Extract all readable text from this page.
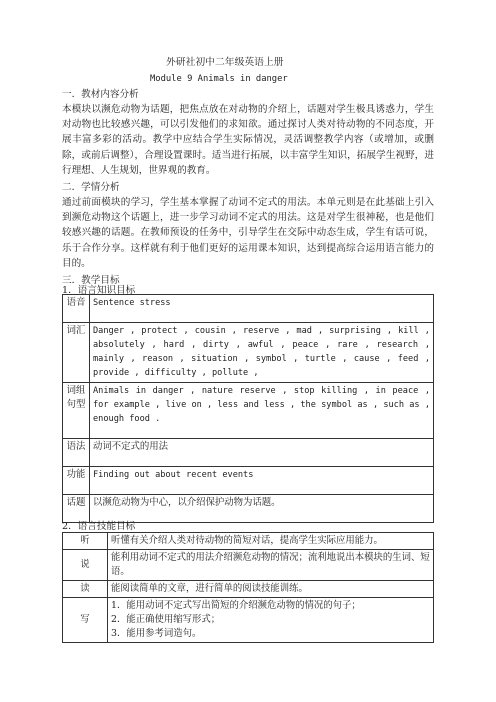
外研社初中二年级英语上册
Module 9 Animals in danger
一．教材内容分析
本模块以濒危动物为话题，把焦点放在对动物的介绍上，话题对学生极具诱惑力，学生对动物也比较感兴趣，可以引发他们的求知欲。通过探讨人类对待动物的不同态度，开展丰富多彩的活动。教学中应结合学生实际情况，灵活调整教学内容（或增加，或删除，或前后调整），合理设置课时。适当进行拓展，以丰富学生知识，拓展学生视野，进行理想、人生规划，世界观的教育。
二．学情分析
通过前面模块的学习，学生基本掌握了动词不定式的用法。本单元则是在此基础上引入到濒危动物这个话题上，进一步学习动词不定式的用法。这是对学生很神秘，也是他们较感兴趣的话题。在教师预设的任务中，引导学生在交际中动态生成，学生有话可说，乐于合作分享。这样就有利于他们更好的运用课本知识，达到提高综合运用语言能力的目的。
三．教学目标
1．语言知识目标
语音	Sentence stress
词汇	Danger , protect , cousin , reserve , mad , surprising , kill , absolutely , hard , dirty , awful , peace , rare , research , mainly , reason , situation , symbol , turtle , cause , feed , provide , difficulty , pollute ,
词组句型	Animals in danger , nature reserve , stop killing , in peace , for example , live on , less and less , the symbol as , such as , enough food .
语法	动词不定式的用法
功能	Finding out about recent events
话题	以濒危动物为中心，以介绍保护动物为话题。
2．语言技能目标
听	听懂有关介绍人类对待动物的简短对话，提高学生实际应用能力。
说	能利用动词不定式的用法介绍濒危动物的情况；流利地说出本模块的生词、短语。
读	能阅读简单的文章，进行简单的阅读技能训练。
写	1．能用动词不定式写出简短的介绍濒危动物的情况的句子；
2．能正确使用缩写形式；
3．能用参考词造句。
